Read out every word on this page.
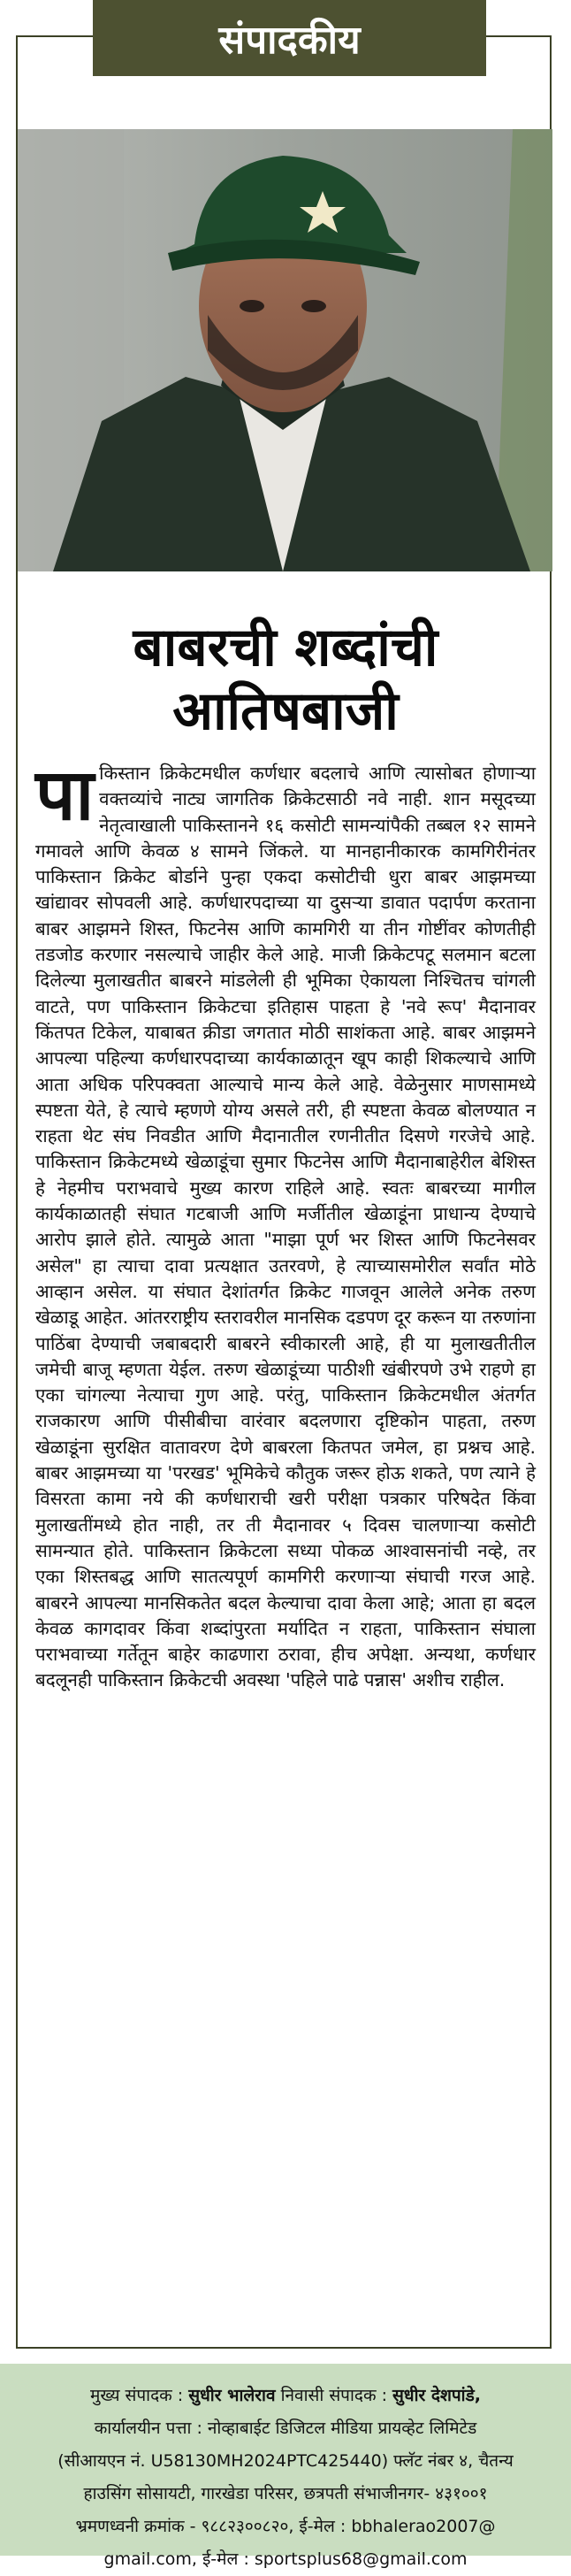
संपादकीय
बाबरची शब्दांची आतिषबाजी
पाकिस्तान क्रिकेटमधील कर्णधार बदलाचे आणि त्यासोबत होणाऱ्या वक्तव्यांचे नाट्य जागतिक क्रिकेटसाठी नवे नाही. शान मसूदच्या नेतृत्वाखाली पाकिस्तानने १६ कसोटी सामन्यांपैकी तब्बल १२ सामने गमावले आणि केवळ ४ सामने जिंकले. या मानहानीकारक कामगिरीनंतर पाकिस्तान क्रिकेट बोर्डाने पुन्हा एकदा कसोटीची धुरा बाबर आझमच्या खांद्यावर सोपवली आहे. कर्णधारपदाच्या या दुसऱ्या डावात पदार्पण करताना बाबर आझमने शिस्त, फिटनेस आणि कामगिरी या तीन गोष्टींवर कोणतीही तडजोड करणार नसल्याचे जाहीर केले आहे. माजी क्रिकेटपटू सलमान बटला दिलेल्या मुलाखतीत बाबरने मांडलेली ही भूमिका ऐकायला निश्चितच चांगली वाटते, पण पाकिस्तान क्रिकेटचा इतिहास पाहता हे 'नवे रूप' मैदानावर किंतपत टिकेल, याबाबत क्रीडा जगतात मोठी साशंकता आहे. बाबर आझमने आपल्या पहिल्या कर्णधारपदाच्या कार्यकाळातून खूप काही शिकल्याचे आणि आता अधिक परिपक्वता आल्याचे मान्य केले आहे. वेळेनुसार माणसामध्ये स्पष्टता येते, हे त्याचे म्हणणे योग्य असले तरी, ही स्पष्टता केवळ बोलण्यात न राहता थेट संघ निवडीत आणि मैदानातील रणनीतीत दिसणे गरजेचे आहे. पाकिस्तान क्रिकेटमध्ये खेळाडूंचा सुमार फिटनेस आणि मैदानाबाहेरील बेशिस्त हे नेहमीच पराभवाचे मुख्य कारण राहिले आहे. स्वतः बाबरच्या मागील कार्यकाळातही संघात गटबाजी आणि मर्जीतील खेळाडूंना प्राधान्य देण्याचे आरोप झाले होते. त्यामुळे आता "माझा पूर्ण भर शिस्त आणि फिटनेसवर असेल" हा त्याचा दावा प्रत्यक्षात उतरवणे, हे त्याच्यासमोरील सर्वांत मोठे आव्हान असेल. या संघात देशांतर्गत क्रिकेट गाजवून आलेले अनेक तरुण खेळाडू आहेत. आंतरराष्ट्रीय स्तरावरील मानसिक दडपण दूर करून या तरुणांना पाठिंबा देण्याची जबाबदारी बाबरने स्वीकारली आहे, ही या मुलाखतीतील जमेची बाजू म्हणता येईल. तरुण खेळाडूंच्या पाठीशी खंबीरपणे उभे राहणे हा एका चांगल्या नेत्याचा गुण आहे. परंतु, पाकिस्तान क्रिकेटमधील अंतर्गत राजकारण आणि पीसीबीचा वारंवार बदलणारा दृष्टिकोन पाहता, तरुण खेळाडूंना सुरक्षित वातावरण देणे बाबरला कितपत जमेल, हा प्रश्नच आहे. बाबर आझमच्या या 'परखड' भूमिकेचे कौतुक जरूर होऊ शकते, पण त्याने हे विसरता कामा नये की कर्णधाराची खरी परीक्षा पत्रकार परिषदेत किंवा मुलाखतींमध्ये होत नाही, तर ती मैदानावर ५ दिवस चालणाऱ्या कसोटी सामन्यात होते. पाकिस्तान क्रिकेटला सध्या पोकळ आश्वासनांची नव्हे, तर एका शिस्तबद्ध आणि सातत्यपूर्ण कामगिरी करणाऱ्या संघाची गरज आहे. बाबरने आपल्या मानसिकतेत बदल केल्याचा दावा केला आहे; आता हा बदल केवळ कागदावर किंवा शब्दांपुरता मर्यादित न राहता, पाकिस्तान संघाला पराभवाच्या गर्तेतून बाहेर काढणारा ठरावा, हीच अपेक्षा. अन्यथा, कर्णधार बदलूनही पाकिस्तान क्रिकेटची अवस्था 'पहिले पाढे पन्नास' अशीच राहील.
मुख्य संपादक : सुधीर भालेराव निवासी संपादक : सुधीर देशपांडे,
कार्यालयीन पत्ता : नोव्हाबाईट डिजिटल मीडिया प्रायव्हेट लिमिटेड
(सीआयएन नं. U58130MH2024PTC425440) फ्लॅट नंबर ४, चैतन्य
हाउसिंग सोसायटी, गारखेडा परिसर, छत्रपती संभाजीनगर- ४३१००१
भ्रमणध्वनी क्रमांक - ९८८२३००८२०, ई-मेल : bbhalerao2007@
gmail.com, ई-मेल : sportsplus68@gmail.com
